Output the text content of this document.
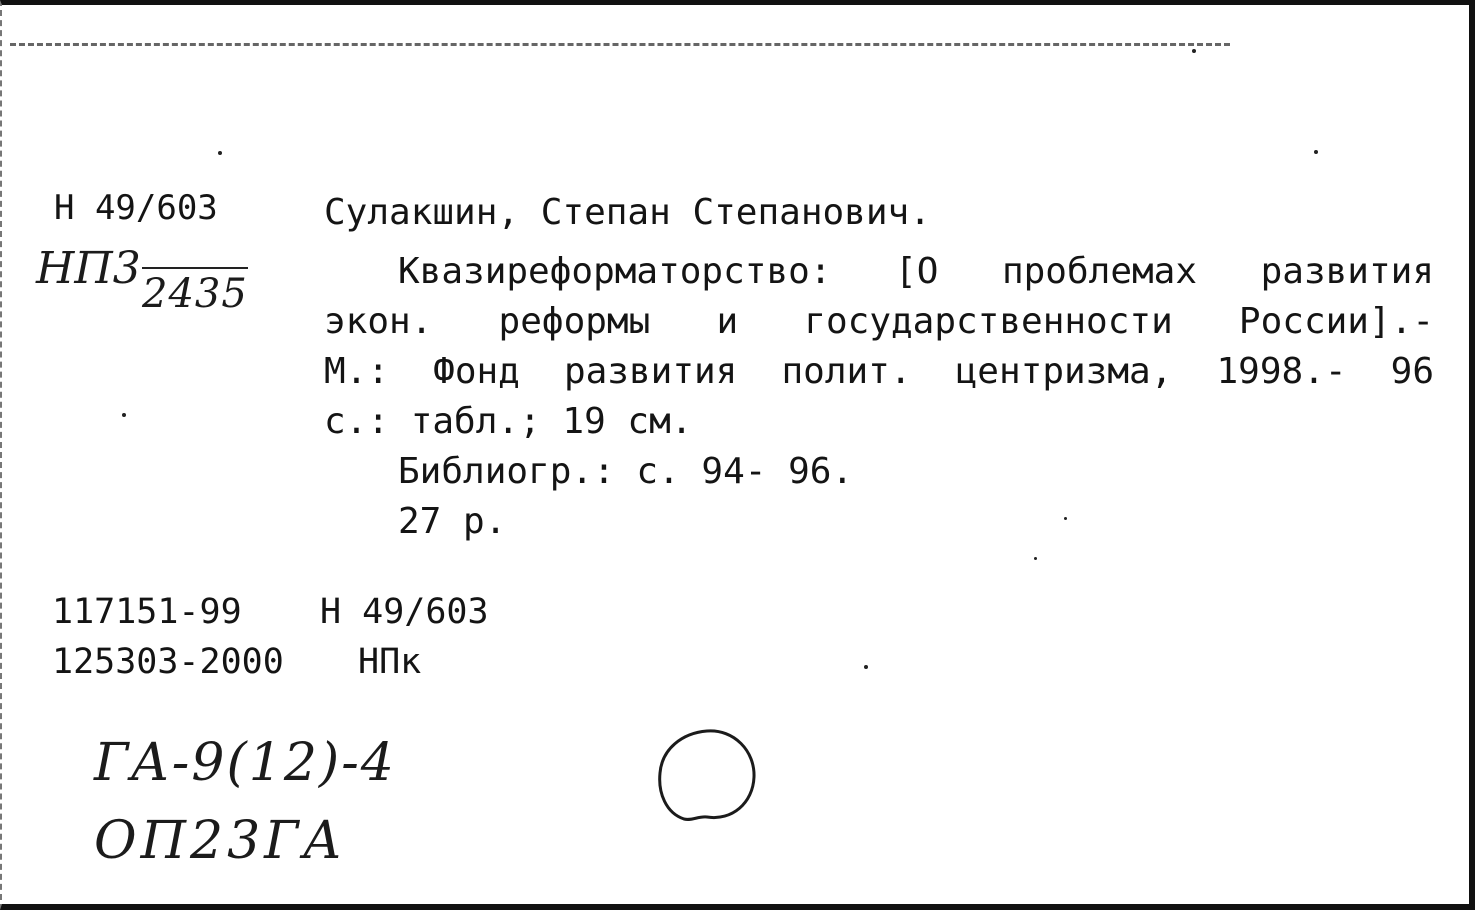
Н 49/603
НП3 2435
Сулакшин, Степан Степанович.
Квазиреформаторство: [О проблемах развития
экон. реформы и государственности России].-
М.: Фонд развития полит. центризма, 1998.- 96
с.: табл.; 19 см.
Библиогр.: с. 94- 96.
27 р.
117151-99 Н 49/603
125303-2000 НПк
ГА-9(12)-4
ОП23ГА
